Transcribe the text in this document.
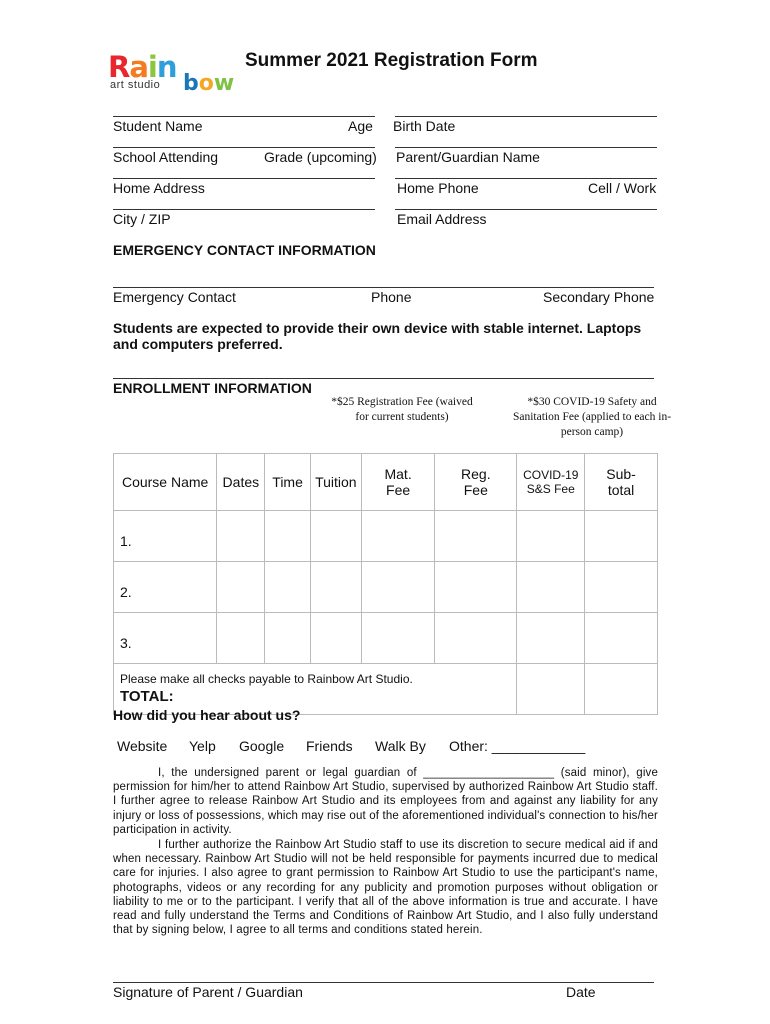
Rain
art studio bow
Summer 2021 Registration Form
Student Name	Age Birth Date
School Attending	Grade (upcoming) Parent/Guardian Name
Home Address	Home Phone	Cell / Work
City / ZIP	Email Address
EMERGENCY CONTACT INFORMATION
Emergency Contact	Phone	Secondary Phone
Students are expected to provide their own device with stable internet. Laptops and computers preferred.
ENROLLMENT INFORMATION
*$25 Registration Fee (waived for current students)
*$30 COVID-19 Safety and Sanitation Fee (applied to each in-person camp)
Course Name	Dates	Time	Tuition	Mat. Fee	Reg. Fee	COVID-19 S&S Fee	Sub-total
1.							
2.							
3.							

Please make all checks payable to Rainbow Art Studio.
TOTAL:							

How did you hear about us?
Website Yelp Google Friends Walk By Other: ____________
I, the undersigned parent or legal guardian of ____________________ (said minor), give permission for him/her to attend Rainbow Art Studio, supervised by authorized Rainbow Art Studio staff. I further agree to release Rainbow Art Studio and its employees from and against any liability for any injury or loss of possessions, which may rise out of the aforementioned individual's connection to his/her participation in activity.
I further authorize the Rainbow Art Studio staff to use its discretion to secure medical aid if and when necessary. Rainbow Art Studio will not be held responsible for payments incurred due to medical care for injuries. I also agree to grant permission to Rainbow Art Studio to use the participant's name, photographs, videos or any recording for any publicity and promotion purposes without obligation or liability to me or to the participant. I verify that all of the above information is true and accurate. I have read and fully understand the Terms and Conditions of Rainbow Art Studio, and I also fully understand that by signing below, I agree to all terms and conditions stated herein.
Signature of Parent / Guardian	Date
